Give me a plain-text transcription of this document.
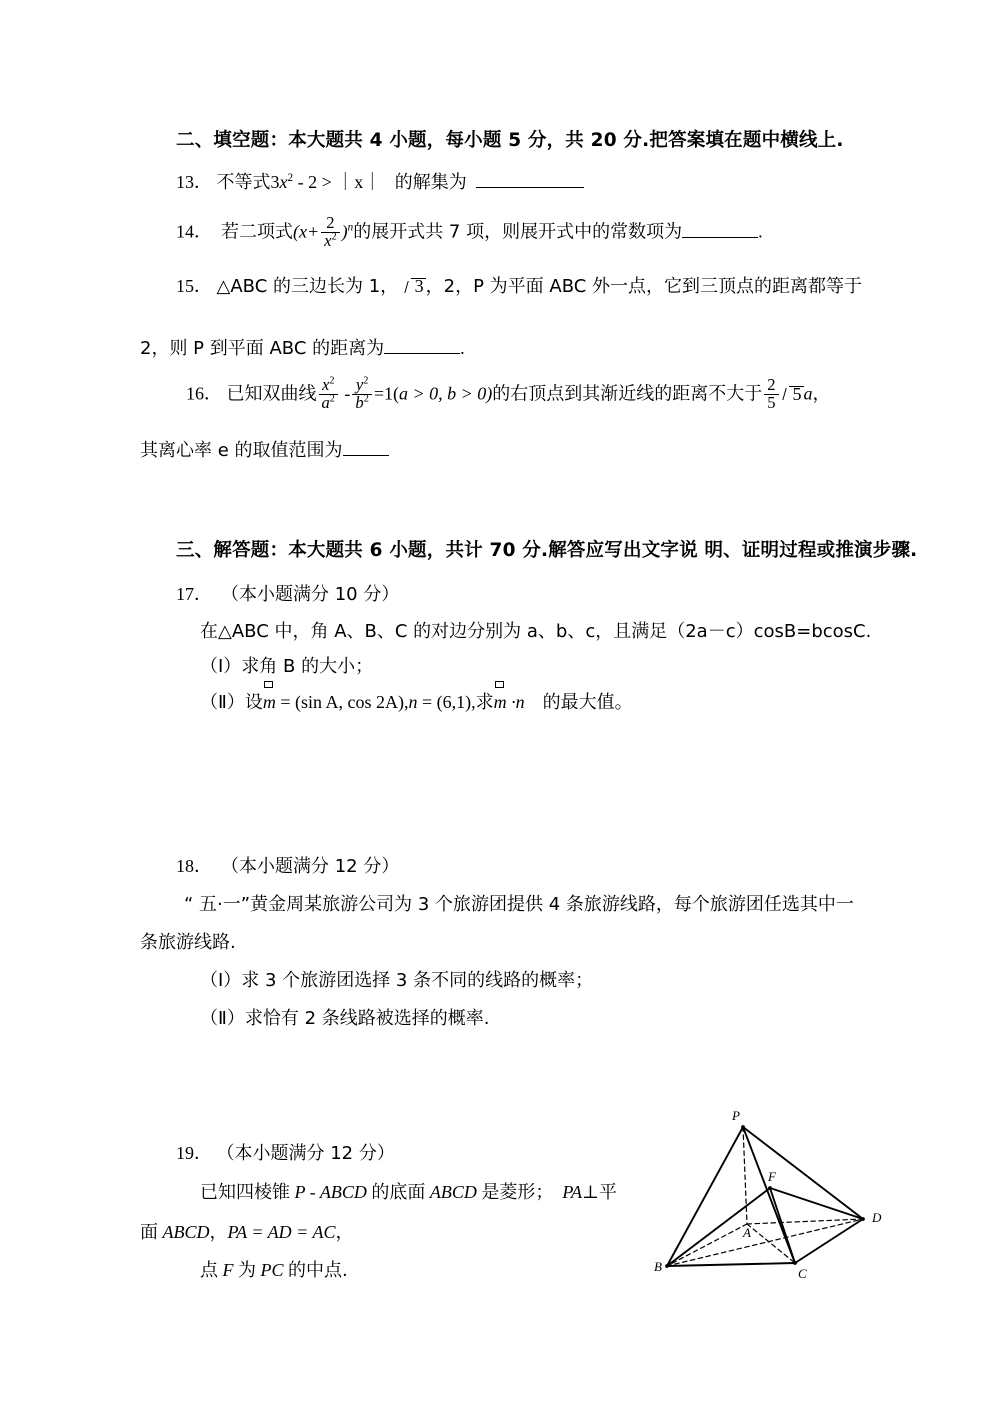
二、填空题：本大题共 4 小题，每小题 5 分，共 20 分.把答案填在题中横线上.
13． 不等式$3x^2 - 2$ > ｜x｜ 的解集为
14． 若二项式$(x+ \frac{2}{x^2} )^n$的展开式共 7 项，则展开式中的常数项为	.
15． △ABC 的三边长为 1， 3 ，2，P 为平面 ABC 外一点，它到三顶点的距离都等于
2，则 P 到平面 ABC 的距离为	.
16． 已知双曲线 $\frac{x^2}{a^2} - \frac{y^2}{b^2} =1(a > 0$, b > 0)的右顶点到其渐近线的距离不大于 $\frac{2}{5} 5$ a，
其离心率 e 的取值范围为
三、解答题：本大题共 6 小题，共计 70 分.解答应写出文字说 明、证明过程或推演步骤.
17． （本小题满分 10 分）
在△ABC 中，角 A、B、C 的对边分别为 a、b、c，且满足（2a－c）cosB=bcosC.
（Ⅰ）求角 B 的大小；
（Ⅱ）设
m = (sin A, cos 2A),n = (6,1),求
m ·n 的最大值。
18． （本小题满分 12 分）
“ 五·一”黄金周某旅游公司为 3 个旅游团提供 4 条旅游线路，每个旅游团任选其中一
条旅游线路.
（Ⅰ）求 3 个旅游团选择 3 条不同的线路的概率；
（Ⅱ）求恰有 2 条线路被选择的概率.
19． （本小题满分 12 分）
已知四棱锥 P - ABCD 的底面 ABCD 是菱形； PA⊥平
面 ABCD，PA = AD = AC，
点 F 为 PC 的中点.
P
A
B	C
D
F
